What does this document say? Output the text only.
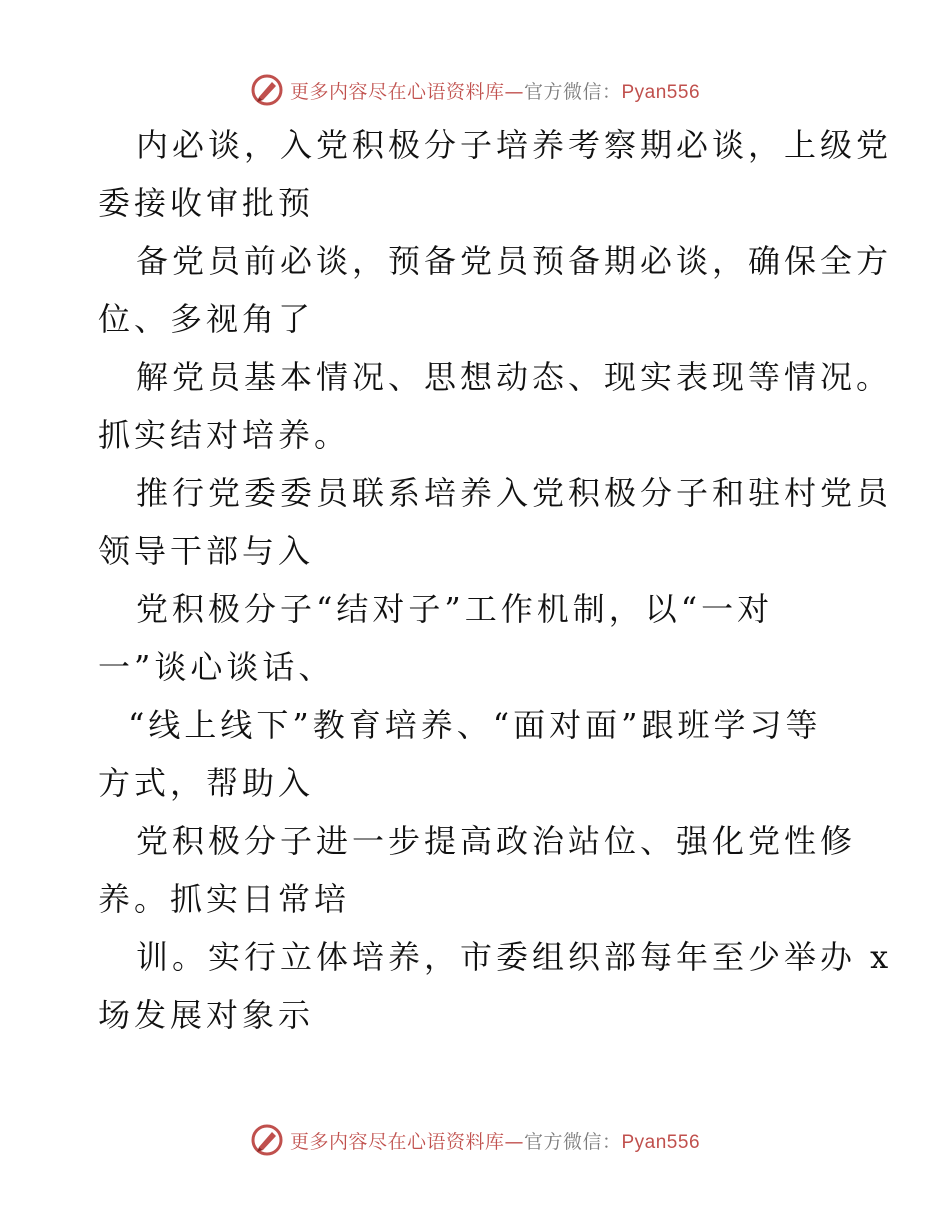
更多内容尽在心语资料库—官方微信：Pyan556
内必谈，入党积极分子培养考察期必谈，上级党
委接收审批预
备党员前必谈，预备党员预备期必谈，确保全方
位、多视角了
解党员基本情况、思想动态、现实表现等情况。
抓实结对培养。
推行党委委员联系培养入党积极分子和驻村党员
领导干部与入
党积极分子“结对子”工作机制，以“一对
一”谈心谈话、
“线上线下”教育培养、“面对面”跟班学习等
方式，帮助入
党积极分子进一步提高政治站位、强化党性修
养。抓实日常培
训。实行立体培养，市委组织部每年至少举办 x
场发展对象示
更多内容尽在心语资料库—官方微信：Pyan556
